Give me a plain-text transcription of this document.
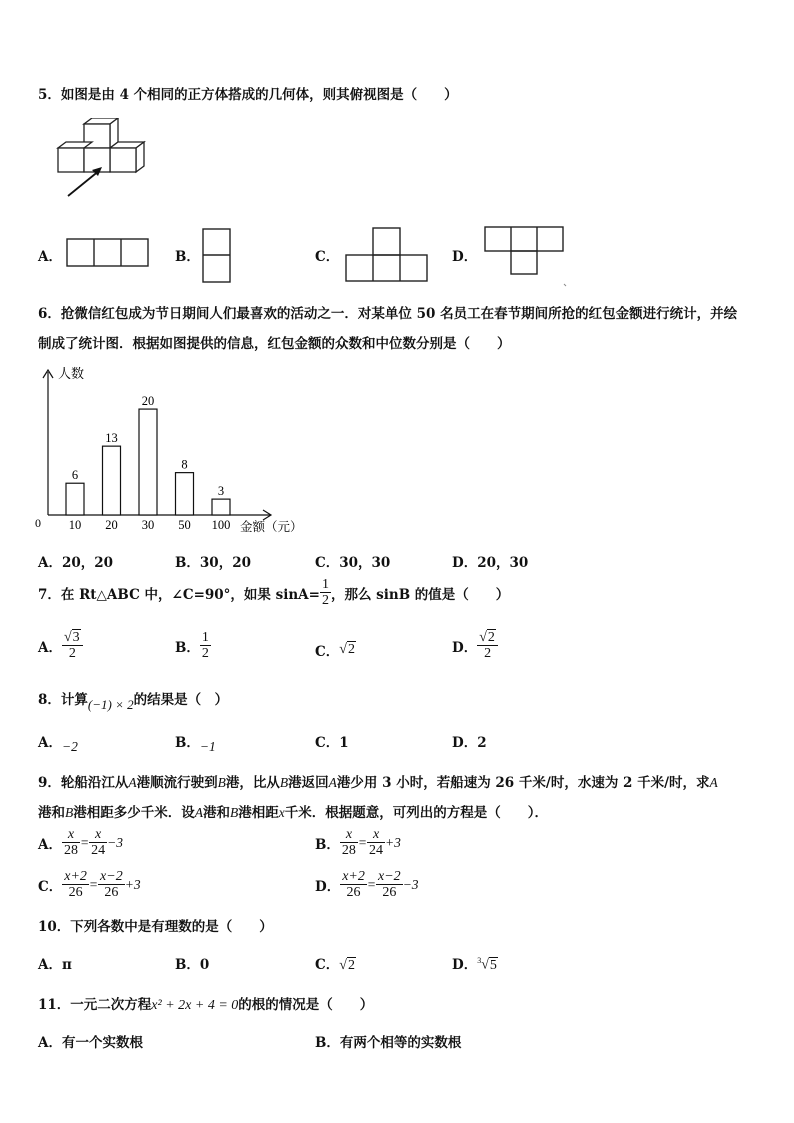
5．如图是由 4 个相同的正方体搭成的几何体，则其俯视图是（　　）
A．	B．	C．	D．
6．抢微信红包成为节日期间人们最喜欢的活动之一．对某单位 50 名员工在春节期间所抢的红包金额进行统计，并绘
制成了统计图．根据如图提供的信息，红包金额的众数和中位数分别是（　　）
人数
金额（元）
0
6
10
13
20
20
30
8
50
3
100
A．20，20	B．30，20	C．30，30	D．20，30
7．在 Rt△ABC 中，∠C=90°，如果 $\sin A= \frac{1}{2}$ ，那么 sinB 的值是（　　）
A． $\frac{√3}{2}$	B． $\frac{1}{2}$	C． √2	D． $\frac{√2}{2}$
8．计算(−1) × 2的结果是（　）
A．−2	B．−1	C．1	D．2
9．轮船沿江从A港顺流行驶到B港，比从B港返回A港少用 3 小时，若船速为 26 千米/时，水速为 2 千米/时，求A
港和B港相距多少千米．设A港和B港相距x千米．根据题意，可列出的方程是（　　）．
A． $\frac{x}{28} = \frac{x}{24} -3$	B． $\frac{x}{28} = \frac{x}{24} +3$
C． $\frac{x+2}{26} = \frac{x-2}{26} +3$	D． $\frac{x+2}{26} = \frac{x-2}{26} -3$
10．下列各数中是有理数的是（　　）
A．π	B．0	C．√2	D．$^3$√5
11．一元二次方程x² + 2x + 4 = 0的根的情况是（　　）
A．有一个实数根	B．有两个相等的实数根
